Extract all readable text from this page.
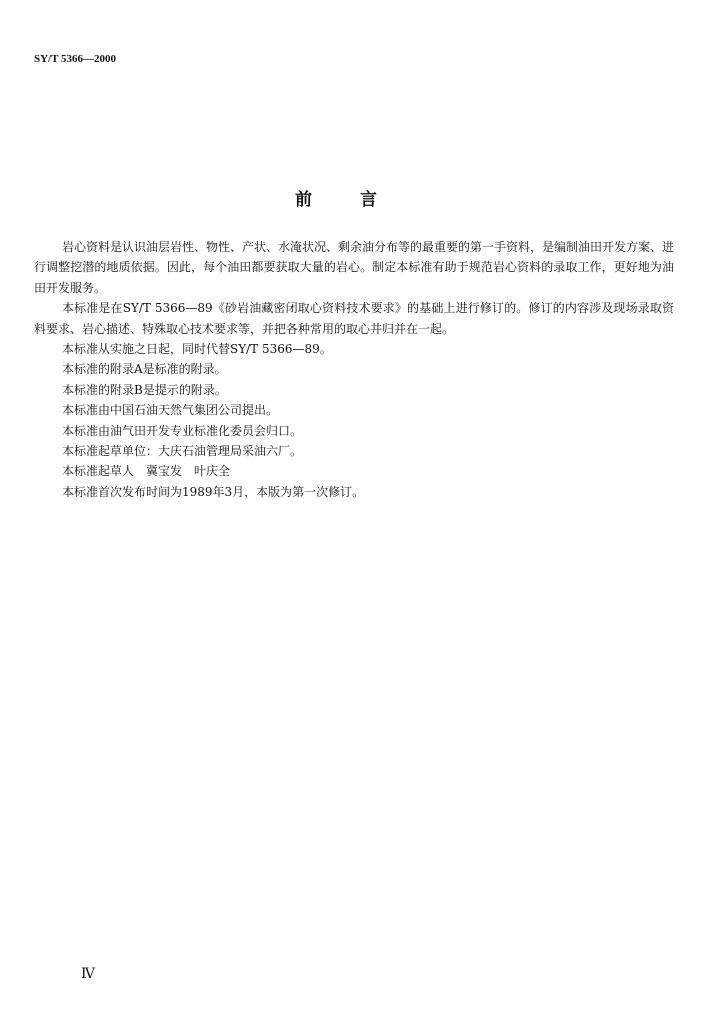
SY/T 5366—2000
前言

岩心资料是认识油层岩性、物性、产状、水淹状况、剩余油分布等的最重要的第一手资料，是编制油田开发方案、进行调整挖潜的地质依据。因此，每个油田都要获取大量的岩心。制定本标准有助于规范岩心资料的录取工作，更好地为油田开发服务。

本标准是在SY/T 5366—89《砂岩油藏密闭取心资料技术要求》的基础上进行修订的。修订的内容涉及现场录取资料要求、岩心描述、特殊取心技术要求等，并把各种常用的取心井归并在一起。

本标准从实施之日起，同时代替SY/T 5366—89。

本标准的附录A是标准的附录。

本标准的附录B是提示的附录。

本标准由中国石油天然气集团公司提出。

本标准由油气田开发专业标准化委员会归口。

本标准起草单位：大庆石油管理局采油六厂。

本标准起草人　冀宝发　叶庆全

本标准首次发布时间为1989年3月，本版为第一次修订。

Ⅳ
